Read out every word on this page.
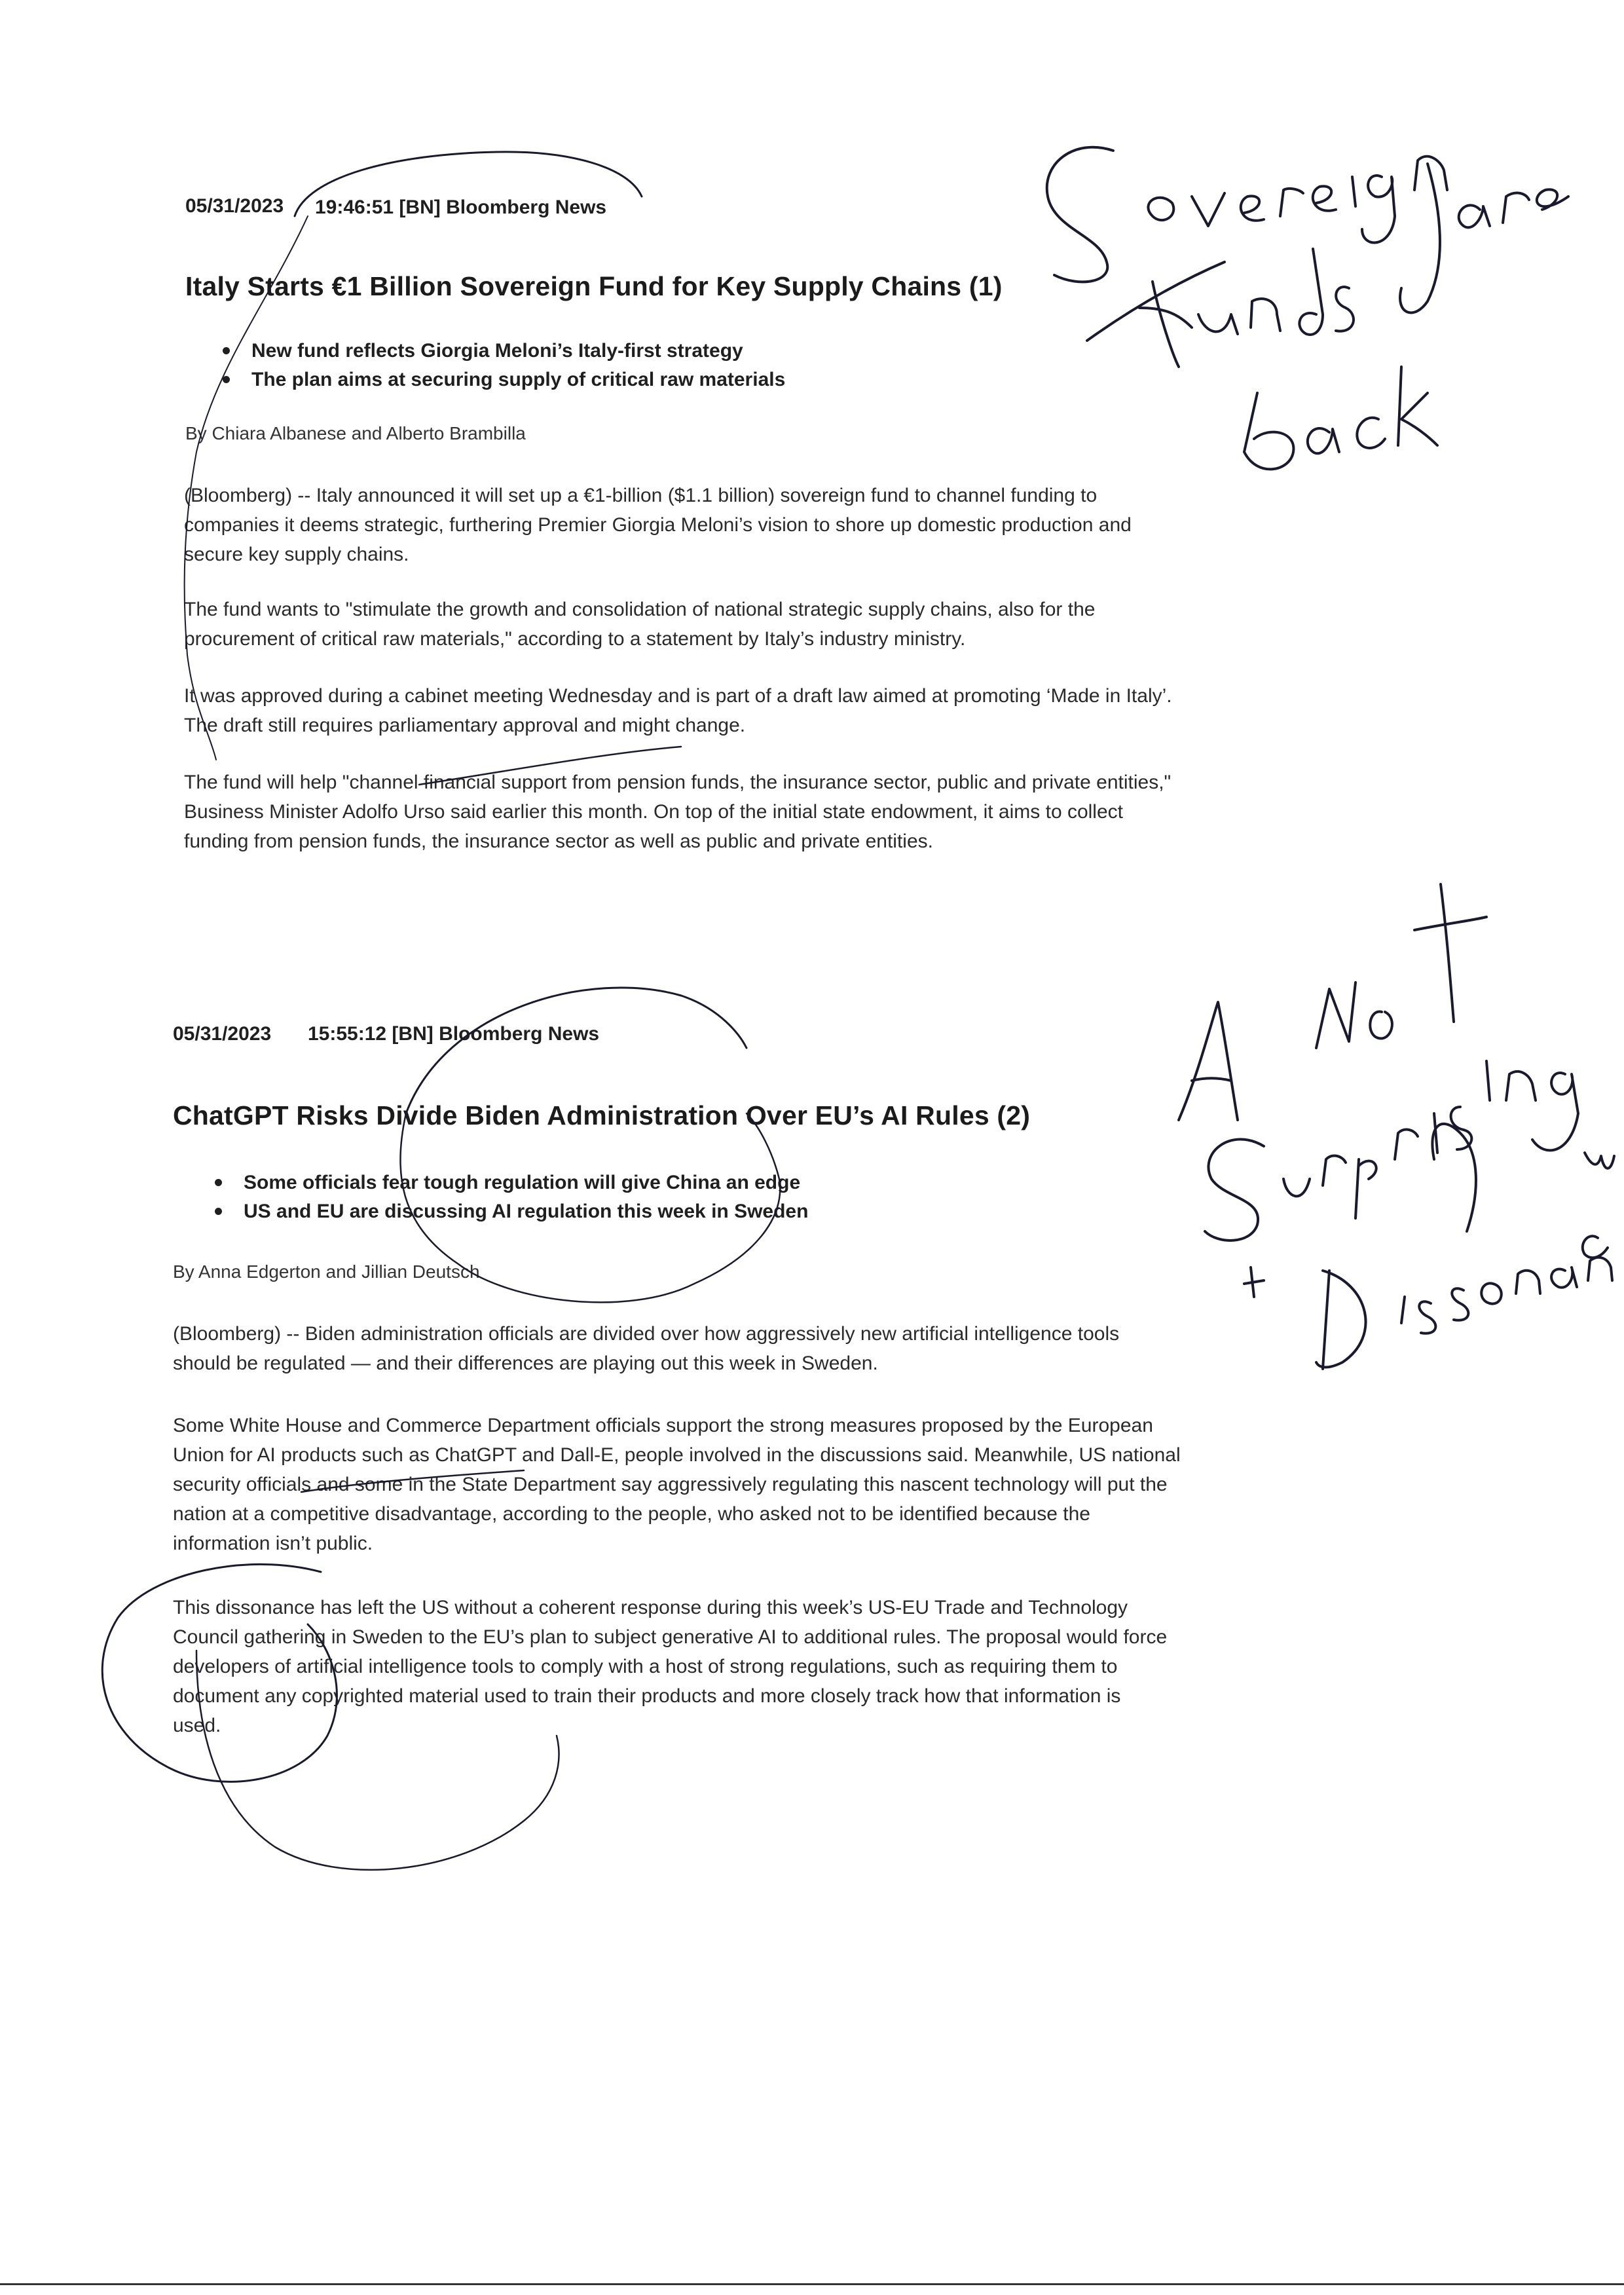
05/31/2023 19:46:51 [BN] Bloomberg News
Italy Starts €1 Billion Sovereign Fund for Key Supply Chains (1)
New fund reflects Giorgia Meloni’s Italy-first strategy
The plan aims at securing supply of critical raw materials
By Chiara Albanese and Alberto Brambilla
(Bloomberg) -- Italy announced it will set up a €1-billion ($1.1 billion) sovereign fund to channel funding to
companies it deems strategic, furthering Premier Giorgia Meloni’s vision to shore up domestic production and
secure key supply chains.
The fund wants to "stimulate the growth and consolidation of national strategic supply chains, also for the
procurement of critical raw materials," according to a statement by Italy’s industry ministry.
It was approved during a cabinet meeting Wednesday and is part of a draft law aimed at promoting ‘Made in Italy’.
The draft still requires parliamentary approval and might change.
The fund will help "channel financial support from pension funds, the insurance sector, public and private entities,"
Business Minister Adolfo Urso said earlier this month. On top of the initial state endowment, it aims to collect
funding from pension funds, the insurance sector as well as public and private entities.
05/31/2023 15:55:12 [BN] Bloomberg News
ChatGPT Risks Divide Biden Administration Over EU’s AI Rules (2)
Some officials fear tough regulation will give China an edge
US and EU are discussing AI regulation this week in Sweden
By Anna Edgerton and Jillian Deutsch
(Bloomberg) -- Biden administration officials are divided over how aggressively new artificial intelligence tools
should be regulated — and their differences are playing out this week in Sweden.
Some White House and Commerce Department officials support the strong measures proposed by the European
Union for AI products such as ChatGPT and Dall-E, people involved in the discussions said. Meanwhile, US national
security officials and some in the State Department say aggressively regulating this nascent technology will put the
nation at a competitive disadvantage, according to the people, who asked not to be identified because the
information isn’t public.
This dissonance has left the US without a coherent response during this week’s US-EU Trade and Technology
Council gathering in Sweden to the EU’s plan to subject generative AI to additional rules. The proposal would force
developers of artificial intelligence tools to comply with a host of strong regulations, such as requiring them to
document any copyrighted material used to train their products and more closely track how that information is
used.
